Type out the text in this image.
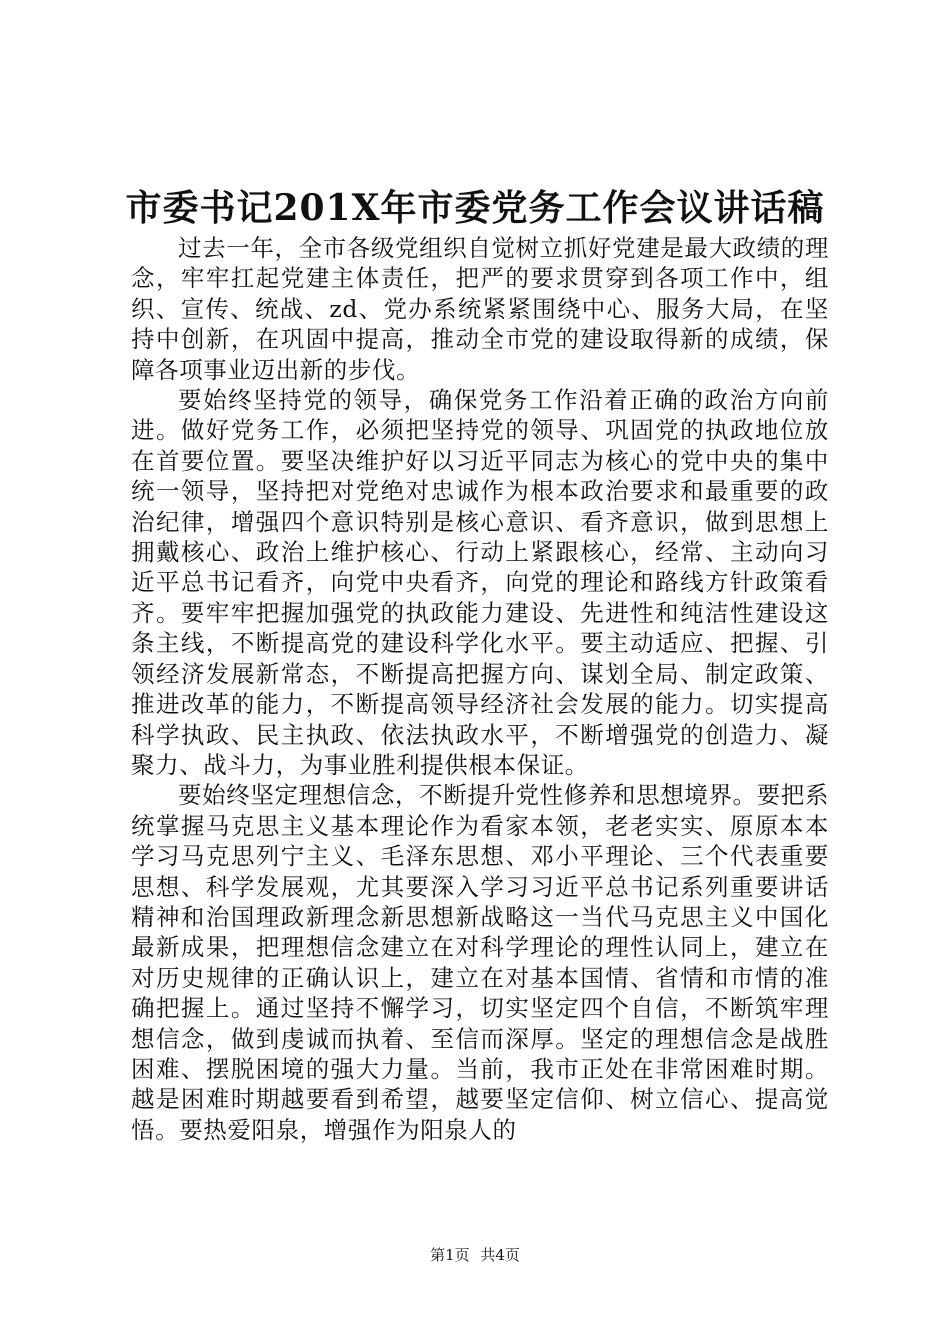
市委书记201X年市委党务工作会议讲话稿

过去一年，全市各级党组织自觉树立抓好党建是最大政绩的理念，牢牢扛起党建主体责任，把严的要求贯穿到各项工作中，组织、宣传、统战、zd、党办系统紧紧围绕中心、服务大局，在坚持中创新，在巩固中提高，推动全市党的建设取得新的成绩，保障各项事业迈出新的步伐。

要始终坚持党的领导，确保党务工作沿着正确的政治方向前进。做好党务工作，必须把坚持党的领导、巩固党的执政地位放在首要位置。要坚决维护好以习近平同志为核心的党中央的集中统一领导，坚持把对党绝对忠诚作为根本政治要求和最重要的政治纪律，增强四个意识特别是核心意识、看齐意识，做到思想上拥戴核心、政治上维护核心、行动上紧跟核心，经常、主动向习近平总书记看齐，向党中央看齐，向党的理论和路线方针政策看齐。要牢牢把握加强党的执政能力建设、先进性和纯洁性建设这条主线，不断提高党的建设科学化水平。要主动适应、把握、引领经济发展新常态，不断提高把握方向、谋划全局、制定政策、推进改革的能力，不断提高领导经济社会发展的能力。切实提高科学执政、民主执政、依法执政水平，不断增强党的创造力、凝聚力、战斗力，为事业胜利提供根本保证。

要始终坚定理想信念，不断提升党性修养和思想境界。要把系统掌握马克思主义基本理论作为看家本领，老老实实、原原本本学习马克思列宁主义、毛泽东思想、邓小平理论、三个代表重要思想、科学发展观，尤其要深入学习习近平总书记系列重要讲话精神和治国理政新理念新思想新战略这一当代马克思主义中国化最新成果，把理想信念建立在对科学理论的理性认同上，建立在对历史规律的正确认识上，建立在对基本国情、省情和市情的准确把握上。通过坚持不懈学习，切实坚定四个自信，不断筑牢理想信念，做到虔诚而执着、至信而深厚。坚定的理想信念是战胜困难、摆脱困境的强大力量。当前，我市正处在非常困难时期。越是困难时期越要看到希望，越要坚定信仰、树立信心、提高觉悟。要热爱阳泉，增强作为阳泉人的

第1页 共4页
